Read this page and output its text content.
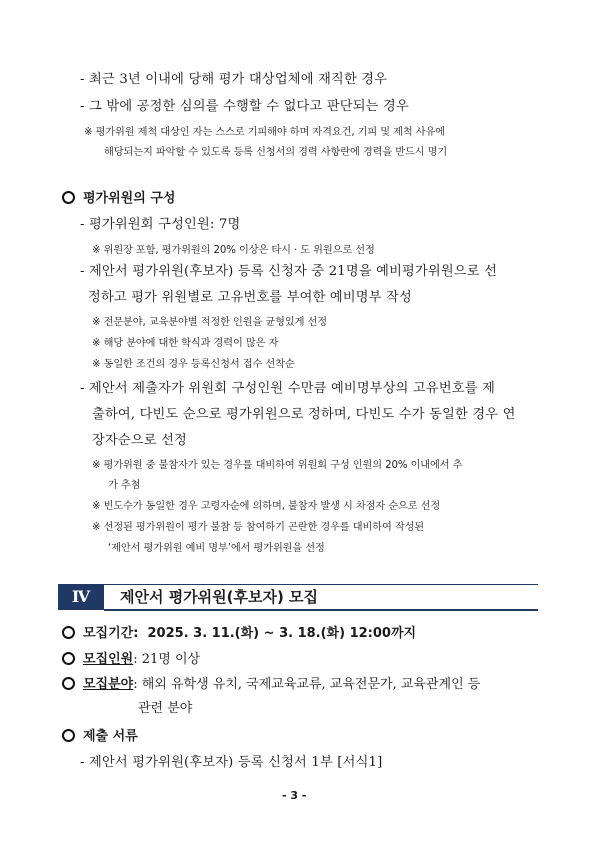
- 최근 3년 이내에 당해 평가 대상업체에 재직한 경우
- 그 밖에 공정한 심의를 수행할 수 없다고 판단되는 경우
※ 평가위원 제척 대상인 자는 스스로 기피해야 하며 자격요건, 기피 및 제척 사유에
해당되는지 파악할 수 있도록 등록 신청서의 경력 사항란에 경력을 반드시 명기
평가위원의 구성
- 평가위원회 구성인원: 7명
※ 위원장 포함, 평가위원의 20% 이상은 타시 · 도 위원으로 선정
- 제안서 평가위원(후보자) 등록 신청자 중 21명을 예비평가위원으로 선
정하고 평가 위원별로 고유번호를 부여한 예비명부 작성
※ 전문분야, 교육분야별 적정한 인원을 균형있게 선정
※ 해당 분야에 대한 학식과 경력이 많은 자
※ 동일한 조건의 경우 등록신청서 접수 선착순
- 제안서 제출자가 위원회 구성인원 수만큼 예비명부상의 고유번호를 제
출하여, 다빈도 순으로 평가위원으로 정하며, 다빈도 수가 동일한 경우 연
장자순으로 선정
※ 평가위원 중 불참자가 있는 경우를 대비하여 위원회 구성 인원의 20% 이내에서 추
가 추첨
※ 빈도수가 동일한 경우 고령자순에 의하며, 불참자 발생 시 차점자 순으로 선정
※ 선정된 평가위원이 평가 불참 등 참여하기 곤란한 경우를 대비하여 작성된
‘제안서 평가위원 예비 명부’에서 평가위원을 선정
Ⅳ	제안서 평가위원(후보자) 모집
모집기간: 2025. 3. 11.(화) ~ 3. 18.(화) 12:00까지
모집인원: 21명 이상
모집분야: 해외 유학생 유치, 국제교육교류, 교육전문가, 교육관계인 등
관련 분야
제출 서류
- 제안서 평가위원(후보자) 등록 신청서 1부 [서식1]
- 3 -
